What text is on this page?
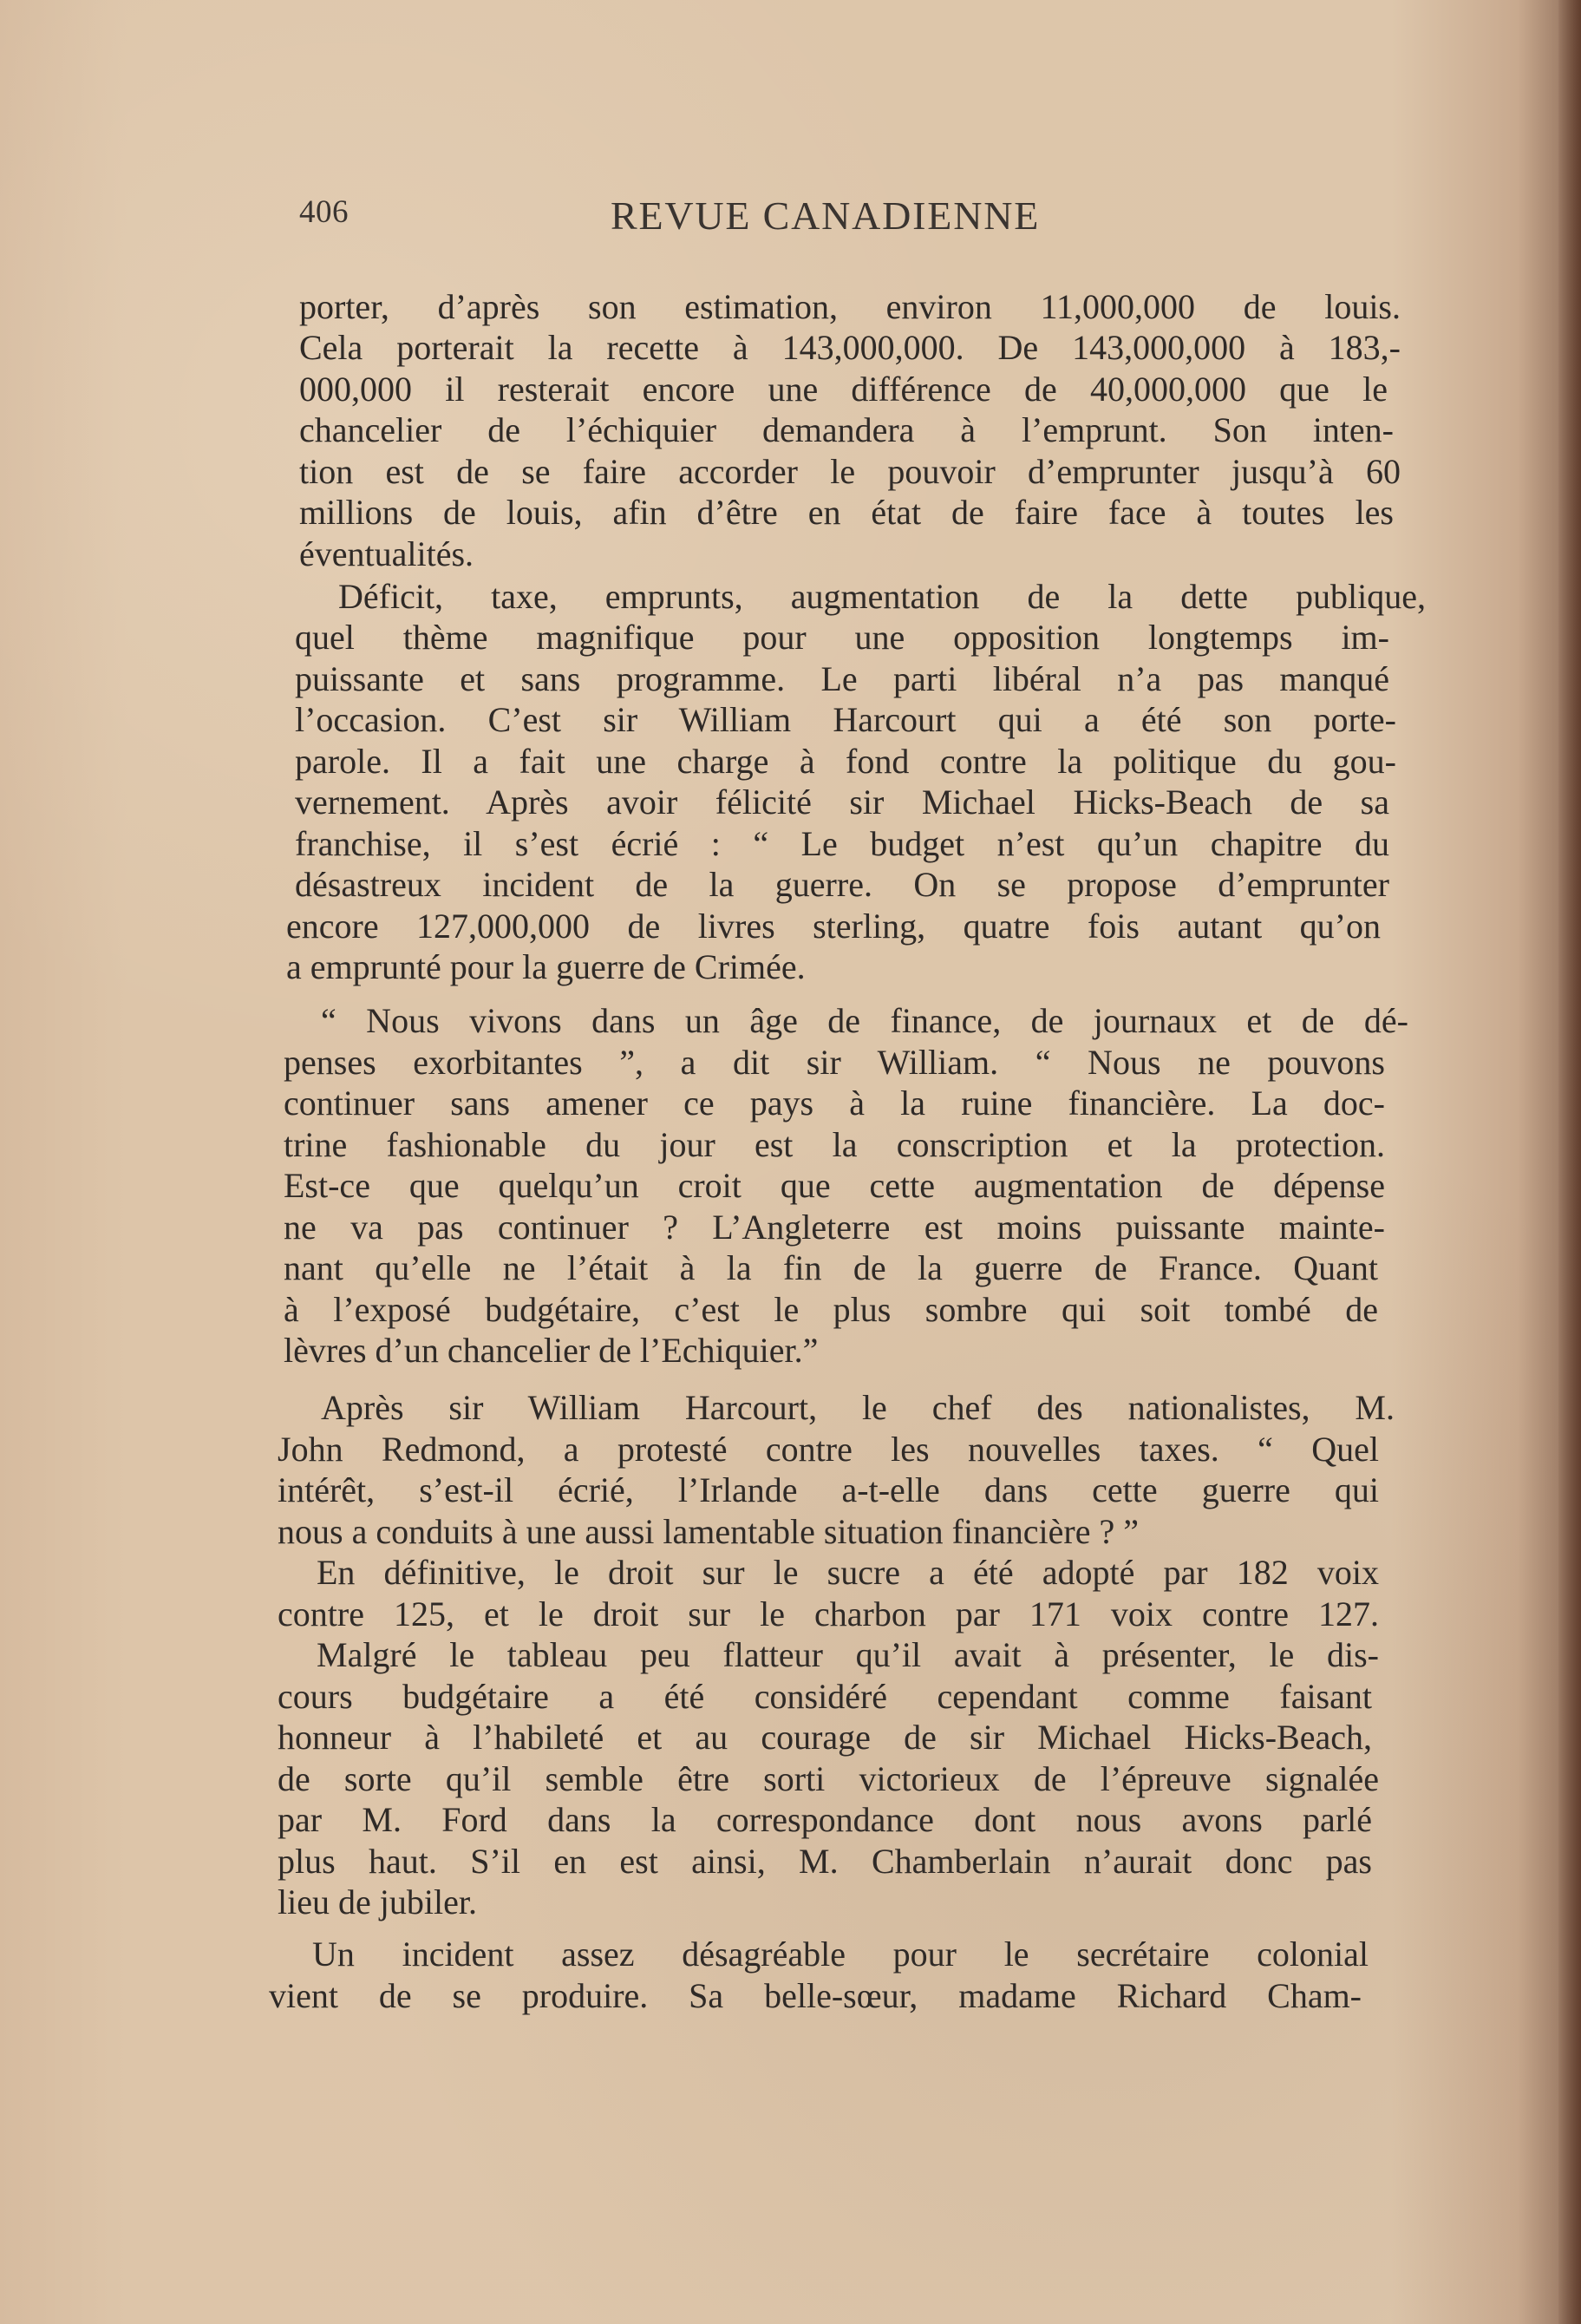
406	REVUE CANADIENNE
porter, d’après son estimation, environ 11,000,000 de louis.
Cela porterait la recette à 143,000,000. De 143,000,000 à 183,-
000,000 il resterait encore une différence de 40,000,000 que le
chancelier de l’échiquier demandera à l’emprunt. Son inten-
tion est de se faire accorder le pouvoir d’emprunter jusqu’à 60
millions de louis, afin d’être en état de faire face à toutes les
éventualités.
Déficit, taxe, emprunts, augmentation de la dette publique,
quel thème magnifique pour une opposition longtemps im-
puissante et sans programme. Le parti libéral n’a pas manqué
l’occasion. C’est sir William Harcourt qui a été son porte-
parole. Il a fait une charge à fond contre la politique du gou-
vernement. Après avoir félicité sir Michael Hicks-Beach de sa
franchise, il s’est écrié : “ Le budget n’est qu’un chapitre du
désastreux incident de la guerre. On se propose d’emprunter
encore 127,000,000 de livres sterling, quatre fois autant qu’on
a emprunté pour la guerre de Crimée.
“ Nous vivons dans un âge de finance, de journaux et de dé-
penses exorbitantes ”, a dit sir William. “ Nous ne pouvons
continuer sans amener ce pays à la ruine financière. La doc-
trine fashionable du jour est la conscription et la protection.
Est-ce que quelqu’un croit que cette augmentation de dépense
ne va pas continuer ? L’Angleterre est moins puissante mainte-
nant qu’elle ne l’était à la fin de la guerre de France. Quant
à l’exposé budgétaire, c’est le plus sombre qui soit tombé de
lèvres d’un chancelier de l’Echiquier.”
Après sir William Harcourt, le chef des nationalistes, M.
John Redmond, a protesté contre les nouvelles taxes. “ Quel
intérêt, s’est-il écrié, l’Irlande a-t-elle dans cette guerre qui
nous a conduits à une aussi lamentable situation financière ? ”
En définitive, le droit sur le sucre a été adopté par 182 voix
contre 125, et le droit sur le charbon par 171 voix contre 127.
Malgré le tableau peu flatteur qu’il avait à présenter, le dis-
cours budgétaire a été considéré cependant comme faisant
honneur à l’habileté et au courage de sir Michael Hicks-Beach,
de sorte qu’il semble être sorti victorieux de l’épreuve signalée
par M. Ford dans la correspondance dont nous avons parlé
plus haut. S’il en est ainsi, M. Chamberlain n’aurait donc pas
lieu de jubiler.
Un incident assez désagréable pour le secrétaire colonial
vient de se produire. Sa belle-sœur, madame Richard Cham-
